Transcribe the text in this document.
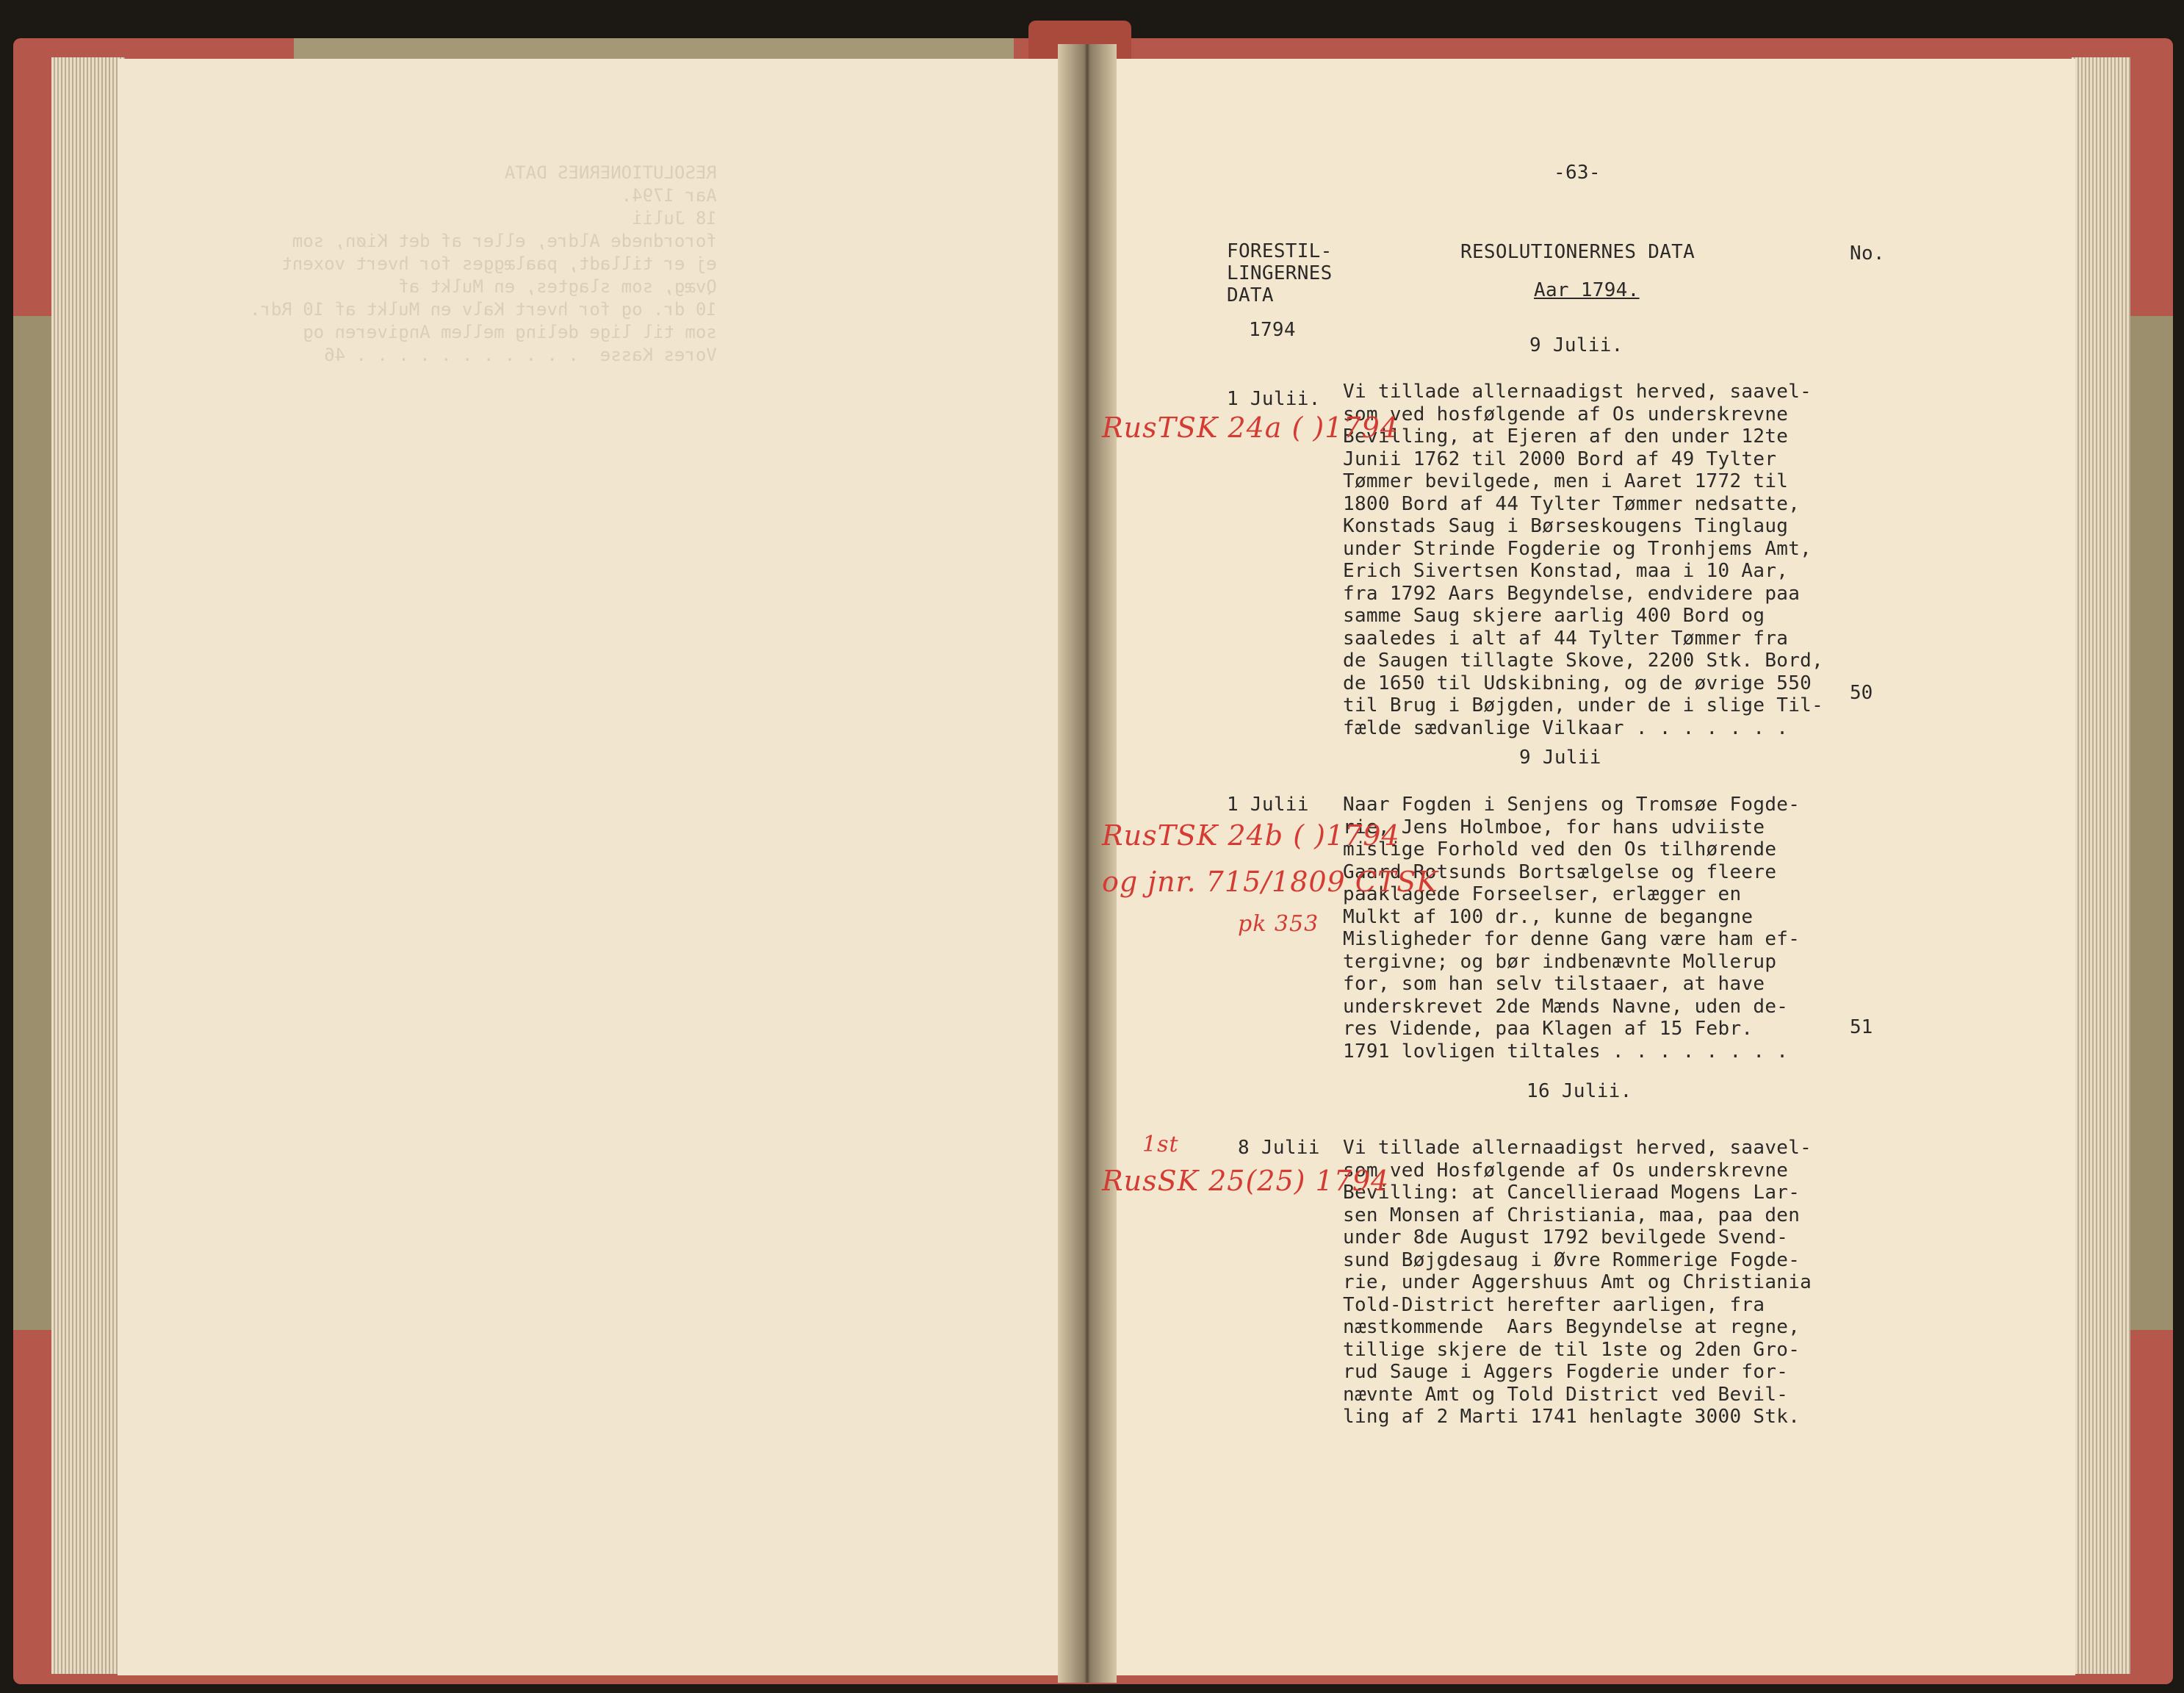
RESOLUTIONERNES DATA
Aar 1794.
18 Julii
forordnede Aldre, eller af det Kiøn, som
ej er tilladt, paalægges for hvert voxent
Qvæg, som slagtes, en Mulkt af
10 dr. og for hvert Kalv en Mulkt af 10 Rdr.
som til lige deling mellem Angiveren og
Vores Kasse  . . . . . . . . . . . 46
-63-
FORESTIL-
LINGERNES
DATA
RESOLUTIONERNES DATA	No.
Aar 1794.
1794
9 Julii.
1 Julii. Vi tillade allernaadigst herved, saavel-
som ved hosfølgende af Os underskrevne
Bevilling, at Ejeren af den under 12te
Junii 1762 til 2000 Bord af 49 Tylter
Tømmer bevilgede, men i Aaret 1772 til
1800 Bord af 44 Tylter Tømmer nedsatte,
Konstads Saug i Børseskougens Tinglaug
under Strinde Fogderie og Tronhjems Amt,
Erich Sivertsen Konstad, maa i 10 Aar,
fra 1792 Aars Begyndelse, endvidere paa
samme Saug skjere aarlig 400 Bord og
saaledes i alt af 44 Tylter Tømmer fra
de Saugen tillagte Skove, 2200 Stk. Bord,
de 1650 til Udskibning, og de øvrige 550
til Brug i Bøjgden, under de i slige Til-
fælde sædvanlige Vilkaar . . . . . . .
50
RusTSK 24a ( )1794
9 Julii
1 Julii Naar Fogden i Senjens og Tromsøe Fogde-
rie, Jens Holmboe, for hans udviiste
mislige Forhold ved den Os tilhørende
Gaard Rotsunds Bortsælgelse og fleere
paaklagede Forseelser, erlægger en
Mulkt af 100 dr., kunne de begangne
Misligheder for denne Gang være ham ef-
tergivne; og bør indbenævnte Mollerup
for, som han selv tilstaaer, at have
underskrevet 2de Mænds Navne, uden de-
res Vidende, paa Klagen af 15 Febr.
1791 lovligen tiltales . . . . . . . .
51
RusTSK 24b ( )1794
og jnr. 715/1809 CTSK
pk 353
16 Julii.
8 Julii Vi tillade allernaadigst herved, saavel-
som ved Hosfølgende af Os underskrevne
Bevilling: at Cancellieraad Mogens Lar-
sen Monsen af Christiania, maa, paa den
under 8de August 1792 bevilgede Svend-
sund Bøjgdesaug i Øvre Rommerige Fogde-
rie, under Aggershuus Amt og Christiania
Told-District herefter aarligen, fra
næstkommende  Aars Begyndelse at regne,
tillige skjere de til 1ste og 2den Gro-
rud Sauge i Aggers Fogderie under for-
nævnte Amt og Told District ved Bevil-
ling af 2 Marti 1741 henlagte 3000 Stk.
1st
RusSK 25(25) 1794
